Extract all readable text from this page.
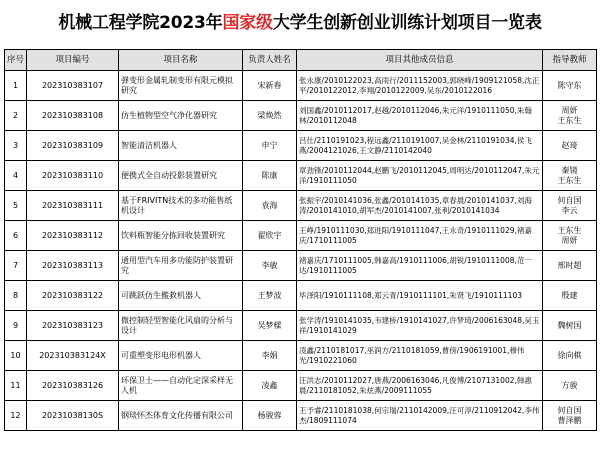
机械工程学院2023年国家级大学生创新创业训练计划项目一览表
序号	项目编号	项目名称	负责人姓名	项目其他成员信息	指导教师
1	202310383107	弹变形金属轧制变形有限元模拟研究	宋新春	张永康/2010122023,高雨行/2011152003,郭晓峰/1909121058,沈正平/2010122012,李翔/2010122009,吴东/2010122016	陈守东
2	202310383108	仿生植物型空气净化器研究	梁焕然	刘国鑫/2010112017,赵越/2010112046,朱元洋/1910111050,朱翰林/2010112048	周妍
王东生
3	202310383109	智能清洁机器人	申宁	吕仕/2110191023,程远鑫/2110191007,吴金林/2110191034,侯飞燕/2004121026,王文静/2110142040	赵琦
4	202310383110	便携式全自动投影装置研究	陈康	章劲锋/2010112044,赵鹏飞/2010112045,周明达/2010112047,朱元洋/1910111050	秦镜
王东生
5	202310383111	基于FRIVITN技术的多功能售纸机设计	袁海	张振宇/2010141036,张鑫/2010141035,章春晨/2010141037,刘海涛/2010141010,胡军杰/2010141007,张利/2010141034	何自国
李云
6	202310383112	饮料瓶智能分拣回收装置研究	翟欣宇	王峥/1910111030,郑进阳/1910111047,王永奇/1910111029,褚嘉庆/1710111005	王东生
周妍
7	202310383113	通用型汽车用多功能防护装置研究	李敏	褚嘉庆/1710111005,韩嘉高/1910111006,胡锐/1910111008,范一达/1910111005	邢时超
8	202310383122	可跳跃仿生搬救机器人	王梦波	毕泽阳/1910111108,郑云青/1910111101,朱贤飞/1910111103	殷建
9	202310383123	微控制轻型智能化风扇的分析与设计	吴梦樑	张学涛/1910141035,韦建桥/1910141027,许梦琦/2006163048,吴玉祥/1910141029	魏树国
10	202310383124X	可重塑变形电形机器人	李娟	凌鑫/2110181017,巫润方/2110181059,曹傍/1906191001,穆伟光/1910221060	徐向棋
11	202310383126	环保卫士——自动化定深采样无人机	凌鑫	汪洪志/2010112027,唐燕/2006163046,凡俊博/2107131002,韩惠晨/2110181052,朱炫燕/2009111055	方骏
12	20231038130S	钢琰怀杰体育文化传播有限公司	杨骏蓉	王予睿/2110181038,何宗瑞/2110142009,汪可淳/2110912042,李伟杰/1809111074	何自国
曹泽鹏
